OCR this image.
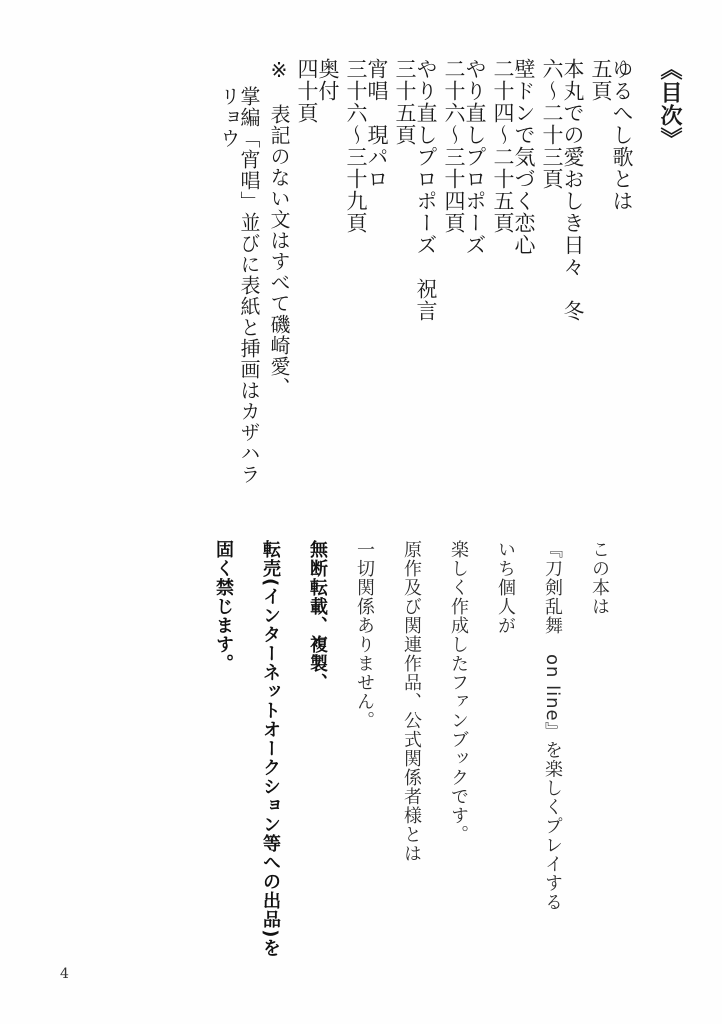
《目次》
ゆるへし歌とは
五頁
本丸での愛おしき日々　冬
六～二十三頁
壁ドンで気づく恋心
二十四～二十五頁
やり直しプロポーズ
二十六～三十四頁
やり直しプロポーズ　祝言
三十五頁
宵唱　現パロ
三十六～三十九頁
奥付
四十頁
※　表記のない文はすべて磯崎愛、
掌編「宵唱」並びに表紙と挿画はカザハラリョウ
この本は
『刀剣乱舞　on line』を楽しくプレイする
いち個人が
楽しく作成したファンブックです。
原作及び関連作品、公式関係者様とは
一切関係ありません。
無断転載、複製、
転売(インターネットオークション等への出品)を
固く禁じます。
4
